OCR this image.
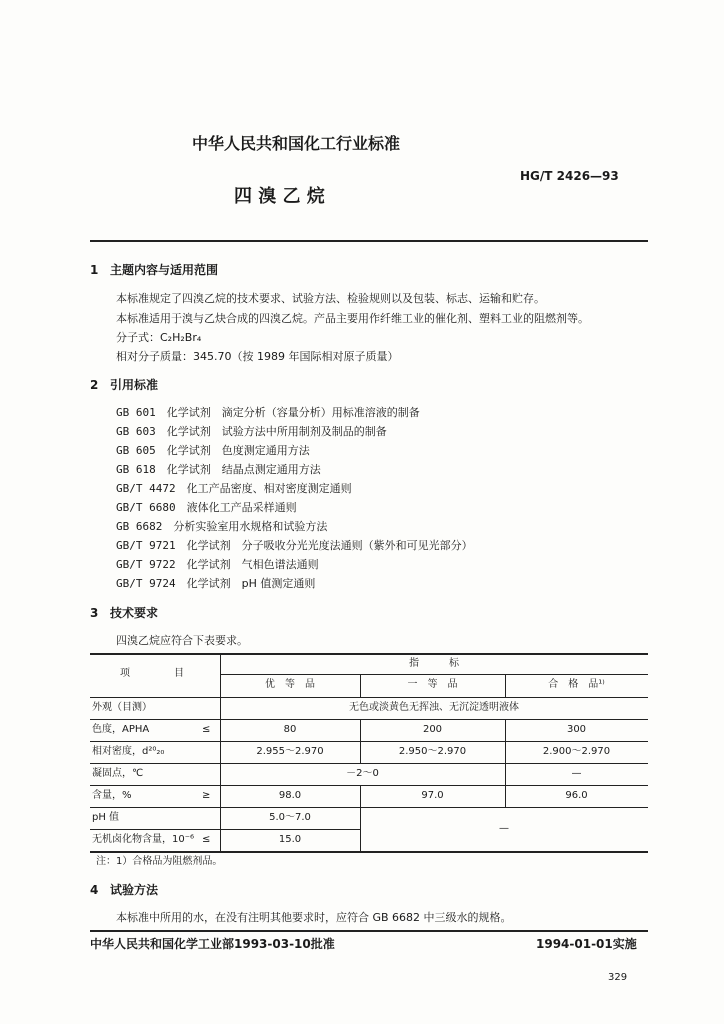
中华人民共和国化工行业标准
HG/T 2426—93
四 溴 乙 烷
1 主题内容与适用范围
本标准规定了四溴乙烷的技术要求、试验方法、检验规则以及包装、标志、运输和贮存。
本标准适用于溴与乙炔合成的四溴乙烷。产品主要用作纤维工业的催化剂、塑料工业的阻燃剂等。
分子式：C₂H₂Br₄
相对分子质量：345.70（按 1989 年国际相对原子质量）
2 引用标准
GB 601　 化学试剂　滴定分析（容量分析）用标准溶液的制备
GB 603　 化学试剂　试验方法中所用制剂及制品的制备
GB 605　 化学试剂　色度测定通用方法
GB 618　 化学试剂　结晶点测定通用方法
GB/T 4472　 化工产品密度、相对密度测定通则
GB/T 6680　 液体化工产品采样通则
GB 6682　 分析实验室用水规格和试验方法
GB/T 9721　 化学试剂　分子吸收分光光度法通则（紫外和可见光部分）
GB/T 9722　 化学试剂　气相色谱法通则
GB/T 9724　 化学试剂　pH 值测定通则
3 技术要求
四溴乙烷应符合下表要求。
项	目
指　　　标
优　等　品	一　等　品	合　格　品¹⁾
外观（目测）	无色或淡黄色无挥浊、无沉淀透明液体
色度，APHA	≤	80	200	300
相对密度，d²⁰₂₀	2.955～2.970	2.950～2.970	2.900～2.970
凝固点，℃	－2～0	—
含量，%	≥	98.0	97.0	96.0
pH 值	5.0～7.0
—
无机卤化物含量，10⁻⁶ ≤	15.0
注：1）合格品为阻燃剂品。
4 试验方法
本标准中所用的水，在没有注明其他要求时，应符合 GB 6682 中三级水的规格。
中华人民共和国化学工业部1993-03-10批准	1994-01-01实施
329
